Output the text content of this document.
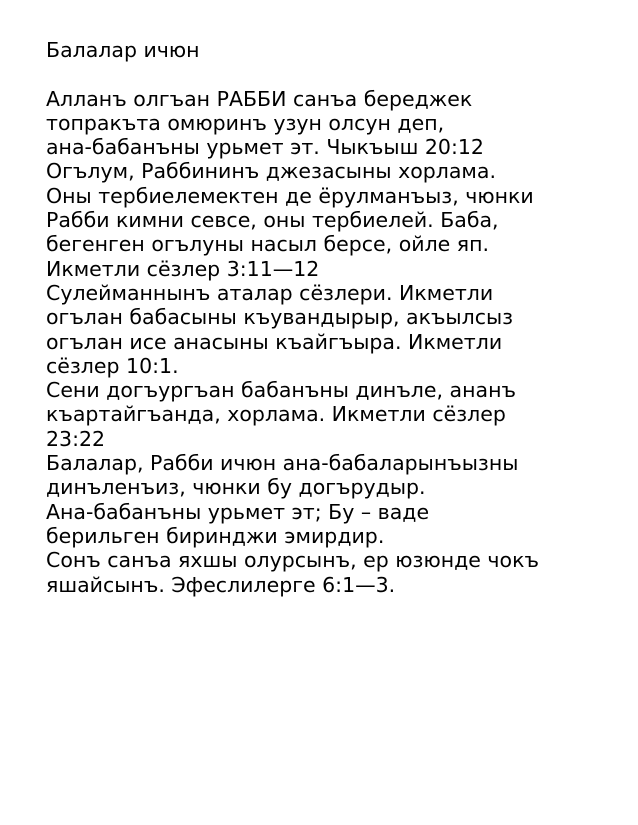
Балалар ичюн
Алланъ олгъан РАББИ санъа береджек
топракъта омюринъ узун олсун деп,
ана-бабанъны урьмет эт. Чыкъыш 20:12
Огълум, Раббининъ джезасыны хорлама.
Оны тербиелемектен де ёрулманъыз, чюнки
Рабби кимни севсе, оны тербиелей. Баба,
бегенген огълуны насыл берсе, ойле яп.
Икметли сёзлер 3:11—12
Сулейманнынъ аталар сёзлери. Икметли
огълан бабасыны къувандырыр, акъылсыз
огълан исе анасыны къайгъыра. Икметли
сёзлер 10:1.
Сени догъургъан бабанъны динъле, ананъ
къартайгъанда, хорлама. Икметли сёзлер
23:22
Балалар, Рабби ичюн ана-бабаларынъызны
динъленъиз, чюнки бу догърудыр.
Ана-бабанъны урьмет эт; Бу – ваде
берильген биринджи эмирдир.
Сонъ санъа яхшы олурсынъ, ер юзюнде чокъ
яшайсынъ. Эфеслилерге 6:1—3.
